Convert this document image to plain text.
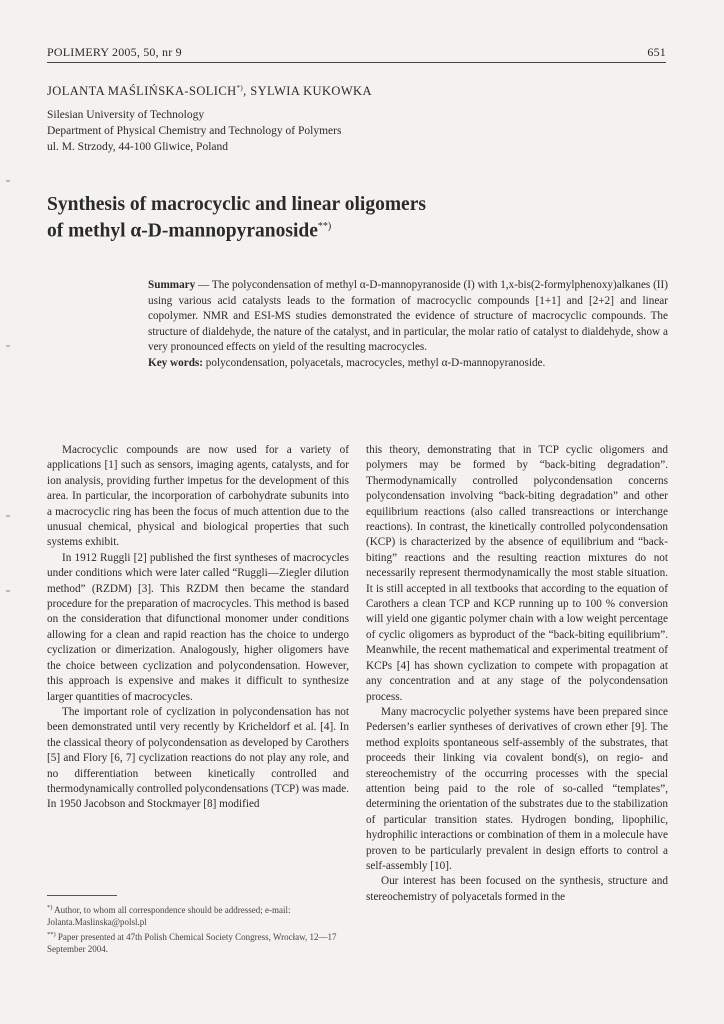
POLIMERY 2005, 50, nr 9	651
JOLANTA MAŚLIŃSKA-SOLICH*), SYLWIA KUKOWKA
Silesian University of Technology
Department of Physical Chemistry and Technology of Polymers
ul. M. Strzody, 44-100 Gliwice, Poland
Synthesis of macrocyclic and linear oligomers
of methyl α-D-mannopyranoside**)

Summary — The polycondensation of methyl α-D-mannopyranoside (I) with 1,x-bis(2-formylphenoxy)alkanes (II) using various acid catalysts leads to the formation of macrocyclic compounds [1+1] and [2+2] and linear copolymer. NMR and ESI-MS studies demonstrated the evidence of structure of macrocyclic compounds. The structure of dialdehyde, the nature of the catalyst, and in particular, the molar ratio of catalyst to dialdehyde, show a very pronounced effects on yield of the resulting macrocycles.

Key words: polycondensation, polyacetals, macrocycles, methyl α-D-mannopyranoside.

Macrocyclic compounds are now used for a variety of applications [1] such as sensors, imaging agents, catalysts, and for ion analysis, providing further impetus for the development of this area. In particular, the incorporation of carbohydrate subunits into a macrocyclic ring has been the focus of much attention due to the unusual chemical, physical and biological properties that such systems exhibit.

In 1912 Ruggli [2] published the first syntheses of macrocycles under conditions which were later called “Ruggli—Ziegler dilution method” (RZDM) [3]. This RZDM then became the standard procedure for the preparation of macrocycles. This method is based on the consideration that difunctional monomer under conditions allowing for a clean and rapid reaction has the choice to undergo cyclization or dimerization. Analogously, higher oligomers have the choice between cyclization and polycondensation. However, this approach is expensive and makes it difficult to synthesize larger quantities of macrocycles.

The important role of cyclization in polycondensation has not been demonstrated until very recently by Kricheldorf et al. [4]. In the classical theory of polycondensation as developed by Carothers [5] and Flory [6, 7] cyclization reactions do not play any role, and no differentiation between kinetically controlled and thermodynamically controlled polycondensations (TCP) was made. In 1950 Jacobson and Stockmayer [8] modified

this theory, demonstrating that in TCP cyclic oligomers and polymers may be formed by “back-biting degradation”. Thermodynamically controlled polycondensation concerns polycondensation involving “back-biting degradation” and other equilibrium reactions (also called transreactions or interchange reactions). In contrast, the kinetically controlled polycondensation (KCP) is characterized by the absence of equilibrium and “back-biting” reactions and the resulting reaction mixtures do not necessarily represent thermodynamically the most stable situation. It is still accepted in all textbooks that according to the equation of Carothers a clean TCP and KCP running up to 100 % conversion will yield one gigantic polymer chain with a low weight percentage of cyclic oligomers as byproduct of the “back-biting equilibrium”. Meanwhile, the recent mathematical and experimental treatment of KCPs [4] has shown cyclization to compete with propagation at any concentration and at any stage of the polycondensation process.

Many macrocyclic polyether systems have been prepared since Pedersen’s earlier syntheses of derivatives of crown ether [9]. The method exploits spontaneous self-assembly of the substrates, that proceeds their linking via covalent bond(s), on regio- and stereochemistry of the occurring processes with the special attention being paid to the role of so-called “templates”, determining the orientation of the substrates due to the stabilization of particular transition states. Hydrogen bonding, lipophilic, hydrophilic interactions or combination of them in a molecule have proven to be particularly prevalent in design efforts to control a self-assembly [10].

Our interest has been focused on the synthesis, structure and stereochemistry of polyacetals formed in the

*) Author, to whom all correspondence should be addressed; e-mail: Jolanta.Maslinska@polsl.pl

**) Paper presented at 47th Polish Chemical Society Congress, Wrocław, 12—17 September 2004.
